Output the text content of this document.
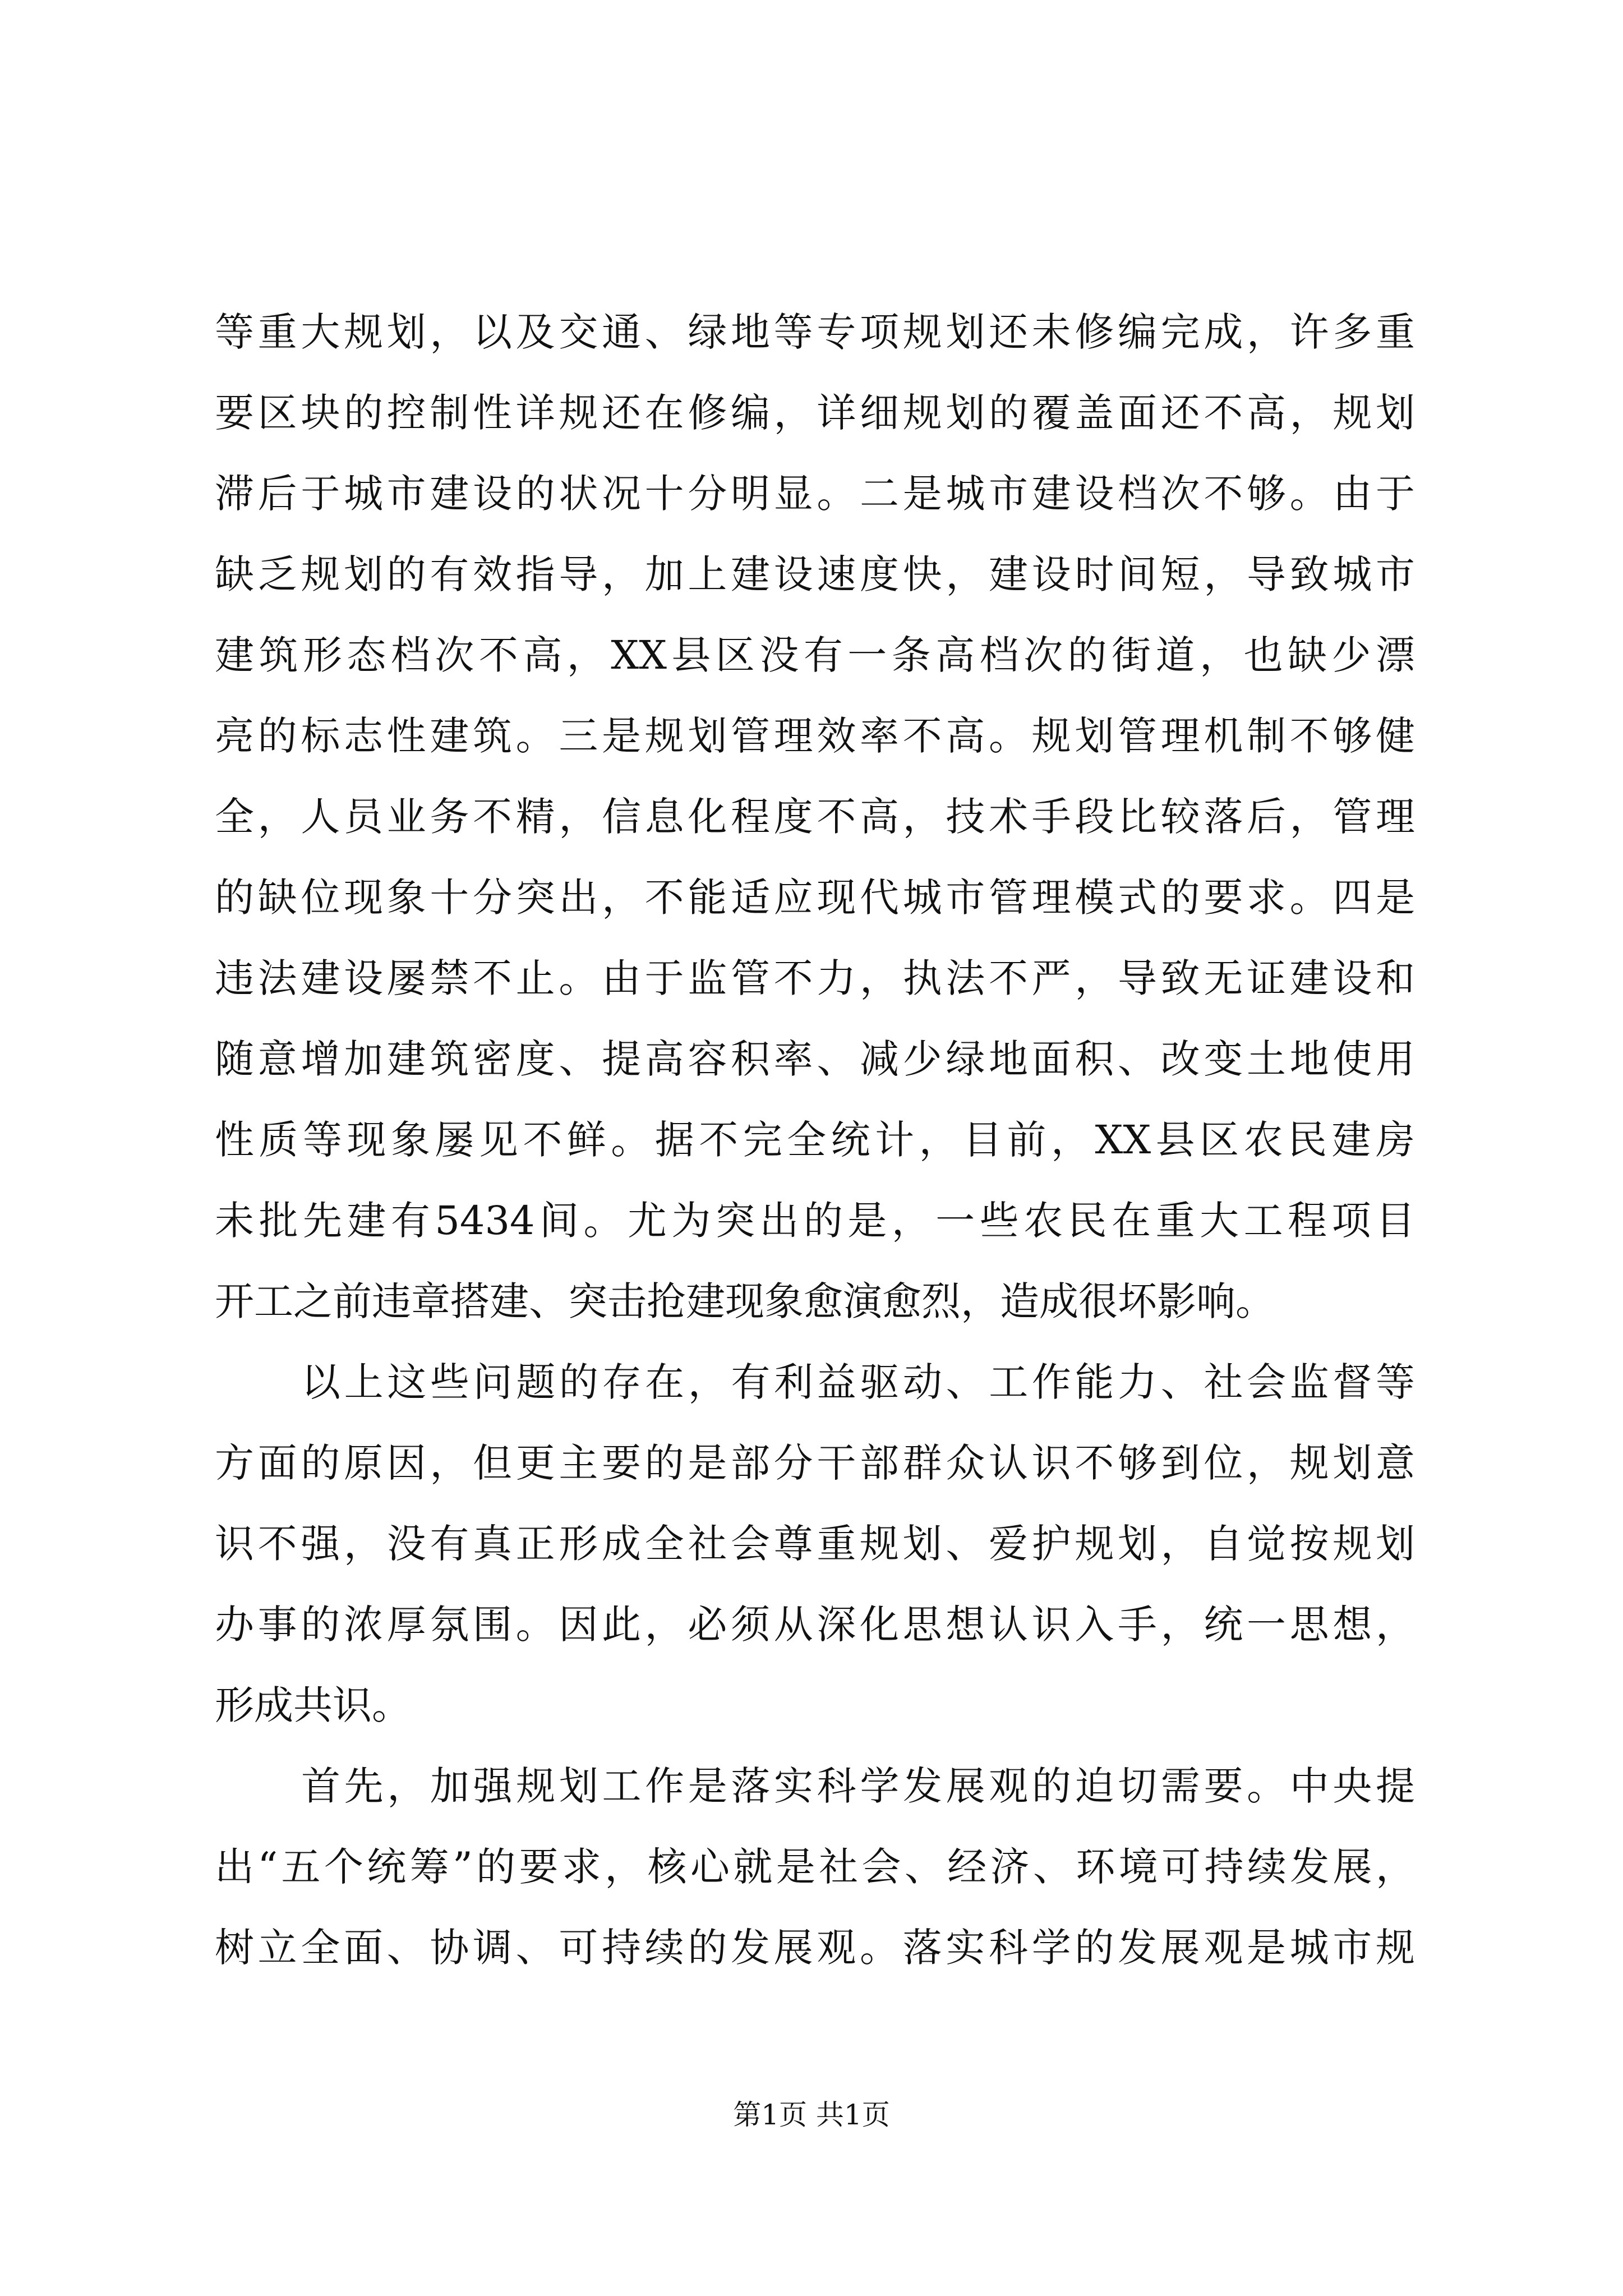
等重大规划，以及交通、绿地等专项规划还未修编完成，许多重
要区块的控制性详规还在修编，详细规划的覆盖面还不高，规划
滞后于城市建设的状况十分明显。二是城市建设档次不够。由于
缺乏规划的有效指导，加上建设速度快，建设时间短，导致城市
建筑形态档次不高，XX县区没有一条高档次的街道，也缺少漂
亮的标志性建筑。三是规划管理效率不高。规划管理机制不够健
全，人员业务不精，信息化程度不高，技术手段比较落后，管理
的缺位现象十分突出，不能适应现代城市管理模式的要求。四是
违法建设屡禁不止。由于监管不力，执法不严，导致无证建设和
随意增加建筑密度、提高容积率、减少绿地面积、改变土地使用
性质等现象屡见不鲜。据不完全统计，目前，XX县区农民建房
未批先建有5434间。尤为突出的是，一些农民在重大工程项目
开工之前违章搭建、突击抢建现象愈演愈烈，造成很坏影响。
以上这些问题的存在，有利益驱动、工作能力、社会监督等
方面的原因，但更主要的是部分干部群众认识不够到位，规划意
识不强，没有真正形成全社会尊重规划、爱护规划，自觉按规划
办事的浓厚氛围。因此，必须从深化思想认识入手，统一思想，
形成共识。
首先，加强规划工作是落实科学发展观的迫切需要。中央提
出“五个统筹”的要求，核心就是社会、经济、环境可持续发展，
树立全面、协调、可持续的发展观。落实科学的发展观是城市规
第1页 共1页
